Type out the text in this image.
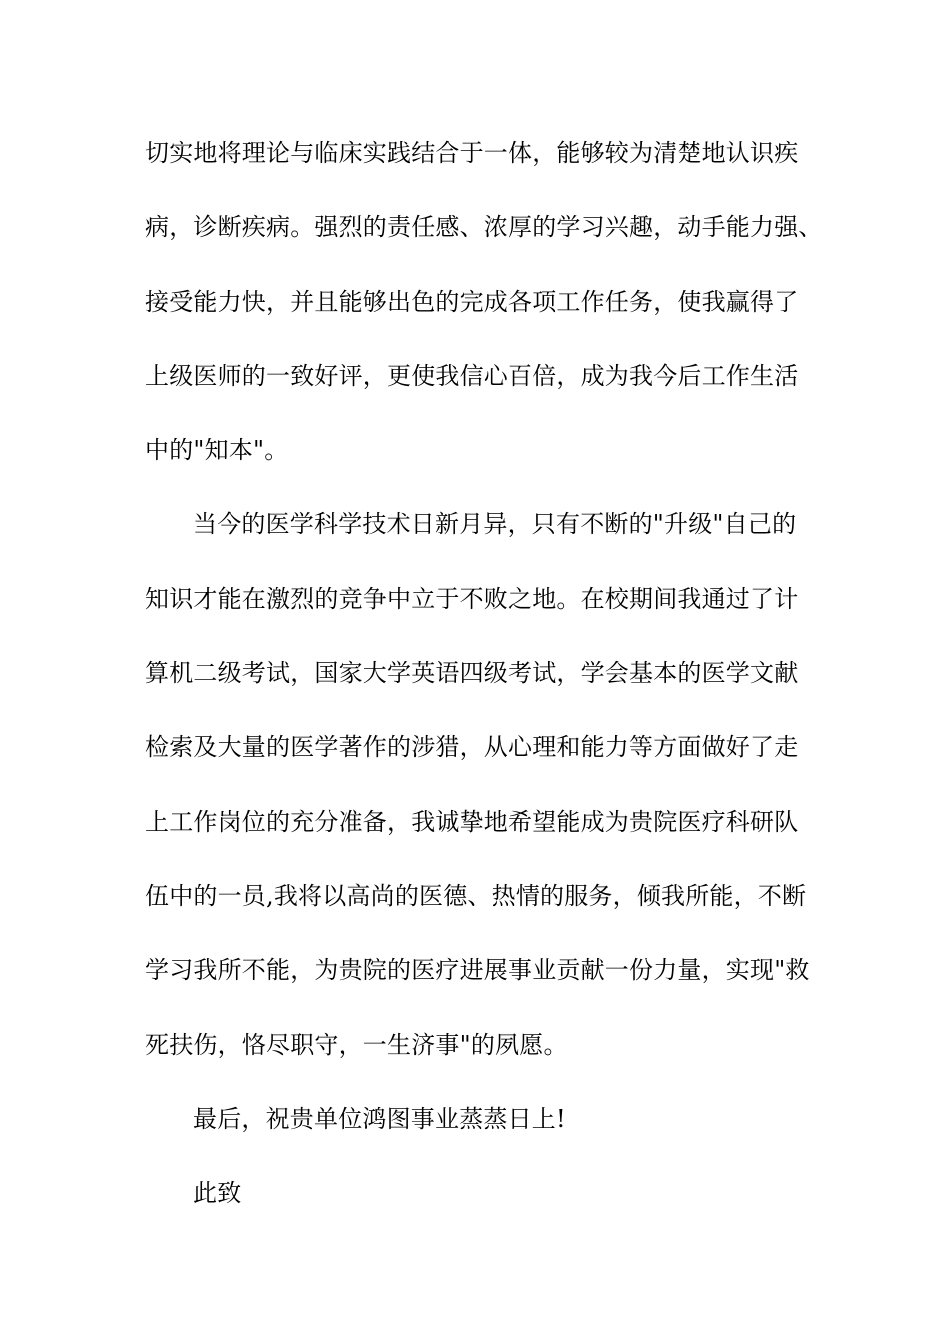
切实地将理论与临床实践结合于一体，能够较为清楚地认识疾
病，诊断疾病。强烈的责任感、浓厚的学习兴趣，动手能力强、
接受能力快，并且能够出色的完成各项工作任务，使我赢得了
上级医师的一致好评，更使我信心百倍，成为我今后工作生活
中的"知本"。
当今的医学科学技术日新月异，只有不断的"升级"自己的
知识才能在激烈的竞争中立于不败之地。在校期间我通过了计
算机二级考试，国家大学英语四级考试，学会基本的医学文献
检索及大量的医学著作的涉猎，从心理和能力等方面做好了走
上工作岗位的充分准备，我诚挚地希望能成为贵院医疗科研队
伍中的一员,我将以高尚的医德、热情的服务，倾我所能，不断
学习我所不能，为贵院的医疗进展事业贡献一份力量，实现"救
死扶伤，恪尽职守，一生济事"的夙愿。
最后，祝贵单位鸿图事业蒸蒸日上!
此致
